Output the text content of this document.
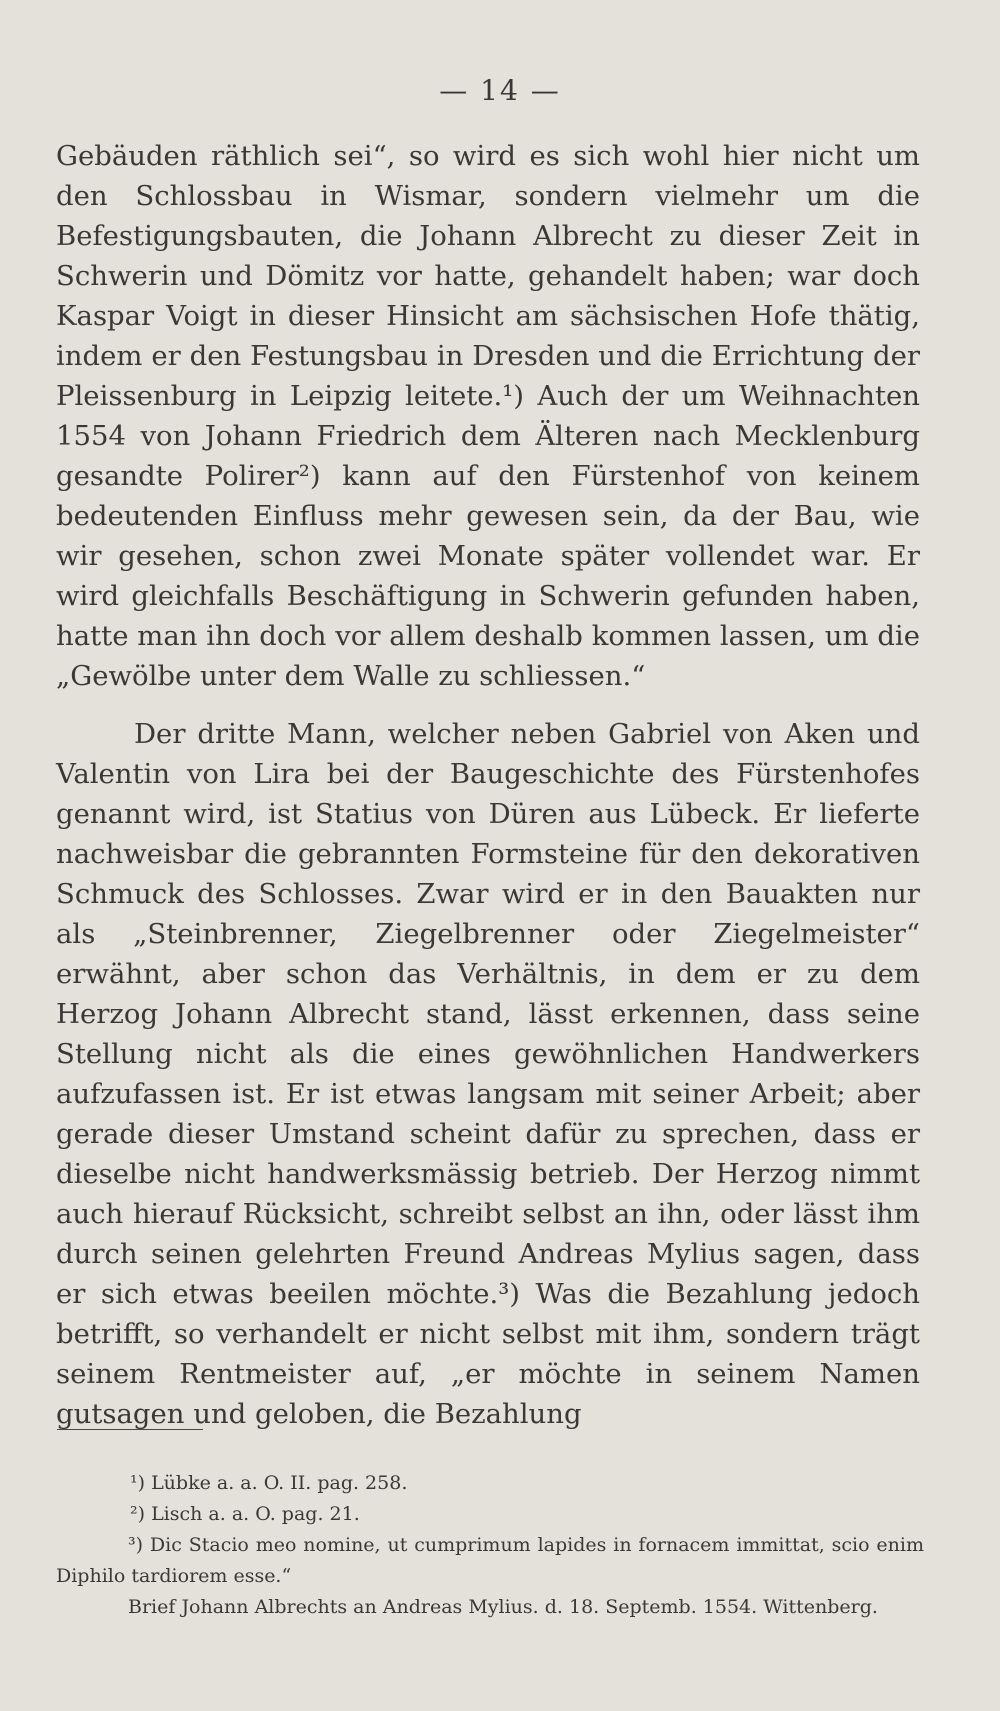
— 14 —

Gebäuden räthlich sei“, so wird es sich wohl hier nicht um den Schlossbau in Wismar, sondern vielmehr um die Befestigungsbauten, die Johann Albrecht zu dieser Zeit in Schwerin und Dömitz vor hatte, gehandelt haben; war doch Kaspar Voigt in dieser Hinsicht am sächsischen Hofe thätig, indem er den Festungsbau in Dresden und die Errichtung der Pleissenburg in Leipzig leitete.¹) Auch der um Weihnachten 1554 von Johann Friedrich dem Älteren nach Mecklenburg gesandte Polirer²) kann auf den Fürstenhof von keinem bedeutenden Einfluss mehr gewesen sein, da der Bau, wie wir gesehen, schon zwei Monate später vollendet war. Er wird gleichfalls Beschäftigung in Schwerin gefunden haben, hatte man ihn doch vor allem deshalb kommen lassen, um die „Gewölbe unter dem Walle zu schliessen.“

Der dritte Mann, welcher neben Gabriel von Aken und Valentin von Lira bei der Baugeschichte des Fürstenhofes genannt wird, ist Statius von Düren aus Lübeck. Er lieferte nachweisbar die gebrannten Formsteine für den dekorativen Schmuck des Schlosses. Zwar wird er in den Bauakten nur als „Steinbrenner, Ziegelbrenner oder Ziegelmeister“ erwähnt, aber schon das Verhältnis, in dem er zu dem Herzog Johann Albrecht stand, lässt erkennen, dass seine Stellung nicht als die eines gewöhnlichen Handwerkers aufzufassen ist. Er ist etwas langsam mit seiner Arbeit; aber gerade dieser Umstand scheint dafür zu sprechen, dass er dieselbe nicht handwerksmässig betrieb. Der Herzog nimmt auch hierauf Rücksicht, schreibt selbst an ihn, oder lässt ihm durch seinen gelehrten Freund Andreas Mylius sagen, dass er sich etwas beeilen möchte.³) Was die Bezahlung jedoch betrifft, so verhandelt er nicht selbst mit ihm, sondern trägt seinem Rentmeister auf, „er möchte in seinem Namen gutsagen und geloben, die Bezahlung

¹) Lübke a. a. O. II. pag. 258.

²) Lisch a. a. O. pag. 21.

³) Dic Stacio meo nomine, ut cumprimum lapides in fornacem immittat, scio enim Diphilo tardiorem esse.“

Brief Johann Albrechts an Andreas Mylius. d. 18. Septemb. 1554. Wittenberg.
